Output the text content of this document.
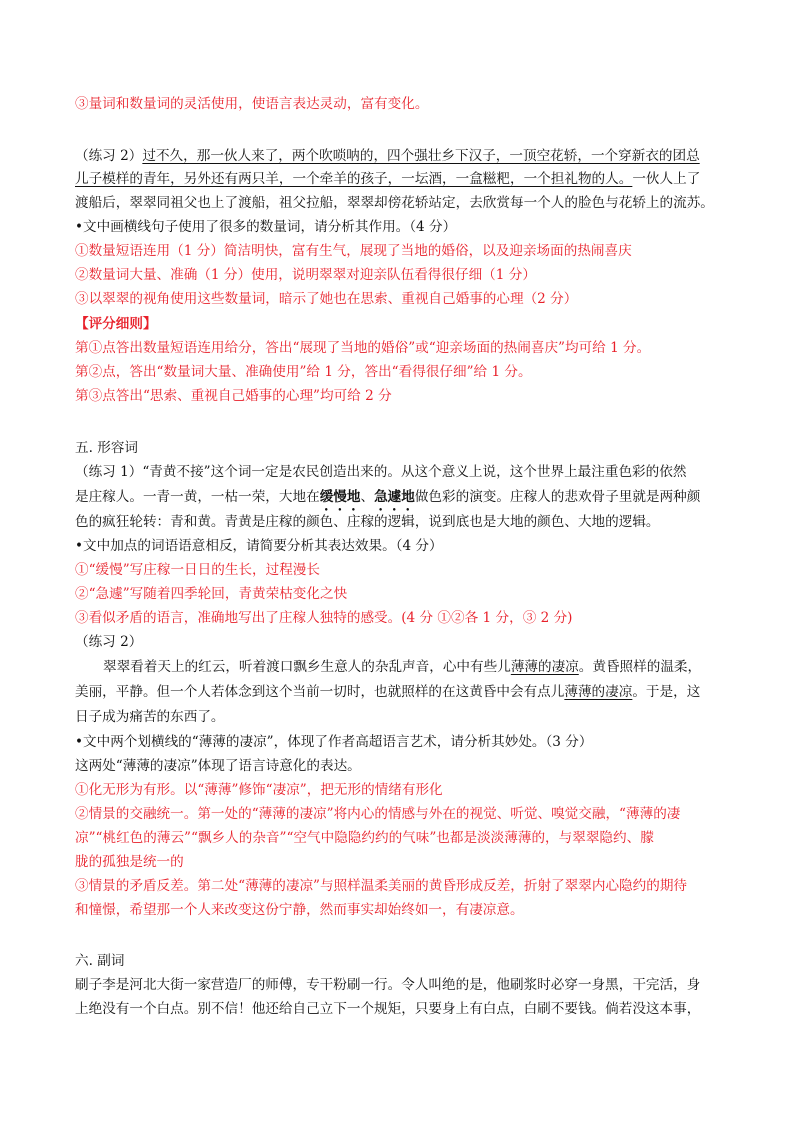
③量词和数量词的灵活使用，使语言表达灵动，富有变化。
（练习 2）过不久，那一伙人来了，两个吹唢呐的，四个强壮乡下汉子，一顶空花轿，一个穿新衣的团总
儿子模样的青年，另外还有两只羊，一个牵羊的孩子，一坛酒，一盒糍粑，一个担礼物的人。一伙人上了
渡船后，翠翠同祖父也上了渡船，祖父拉船，翠翠却傍花轿站定，去欣赏每一个人的脸色与花轿上的流苏。
•文中画横线句子使用了很多的数量词，请分析其作用。（4 分）
①数量短语连用（1 分）简洁明快，富有生气，展现了当地的婚俗，以及迎亲场面的热闹喜庆
②数量词大量、准确（1 分）使用，说明翠翠对迎亲队伍看得很仔细（1 分）
③以翠翠的视角使用这些数量词，暗示了她也在思索、重视自己婚事的心理（2 分）
【评分细则】
第①点答出数量短语连用给分，答出“展现了当地的婚俗”或“迎亲场面的热闹喜庆”均可给 1 分。
第②点，答出“数量词大量、准确使用”给 1 分，答出“看得很仔细”给 1 分。
第③点答出“思索、重视自己婚事的心理”均可给 2 分
五. 形容词
（练习 1）“青黄不接”这个词一定是农民创造出来的。从这个意义上说，这个世界上最注重色彩的依然
是庄稼人。一青一黄，一枯一荣，大地在缓慢地、急遽地做色彩的演变。庄稼人的悲欢骨子里就是两种颜
色的疯狂轮转：青和黄。青黄是庄稼的颜色、庄稼的逻辑，说到底也是大地的颜色、大地的逻辑。
•文中加点的词语语意相反，请简要分析其表达效果。（4 分）
①“缓慢”写庄稼一日日的生长，过程漫长
②“急遽”写随着四季轮回，青黄荣枯变化之快
③看似矛盾的语言，准确地写出了庄稼人独特的感受。(4 分 ①②各 1 分，③ 2 分)
（练习 2）
翠翠看着天上的红云，听着渡口飘乡生意人的杂乱声音，心中有些儿薄薄的凄凉。黄昏照样的温柔，
美丽，平静。但一个人若体念到这个当前一切时，也就照样的在这黄昏中会有点儿薄薄的凄凉。于是，这
日子成为痛苦的东西了。
•文中两个划横线的“薄薄的凄凉”，体现了作者高超语言艺术，请分析其妙处。（3 分）
这两处“薄薄的凄凉”体现了语言诗意化的表达。
①化无形为有形。以“薄薄”修饰“凄凉”，把无形的情绪有形化
②情景的交融统一。第一处的“薄薄的凄凉”将内心的情感与外在的视觉、听觉、嗅觉交融，“薄薄的凄
凉”“桃红色的薄云”“飘乡人的杂音”“空气中隐隐约约的气味”也都是淡淡薄薄的，与翠翠隐约、朦
胧的孤独是统一的
③情景的矛盾反差。第二处“薄薄的凄凉”与照样温柔美丽的黄昏形成反差，折射了翠翠内心隐约的期待
和憧憬，希望那一个人来改变这份宁静，然而事实却始终如一，有凄凉意。
六. 副词
刷子李是河北大街一家营造厂的师傅，专干粉刷一行。令人叫绝的是，他刷浆时必穿一身黑，干完活，身
上绝没有一个白点。别不信！他还给自己立下一个规矩，只要身上有白点，白刷不要钱。倘若没这本事，
